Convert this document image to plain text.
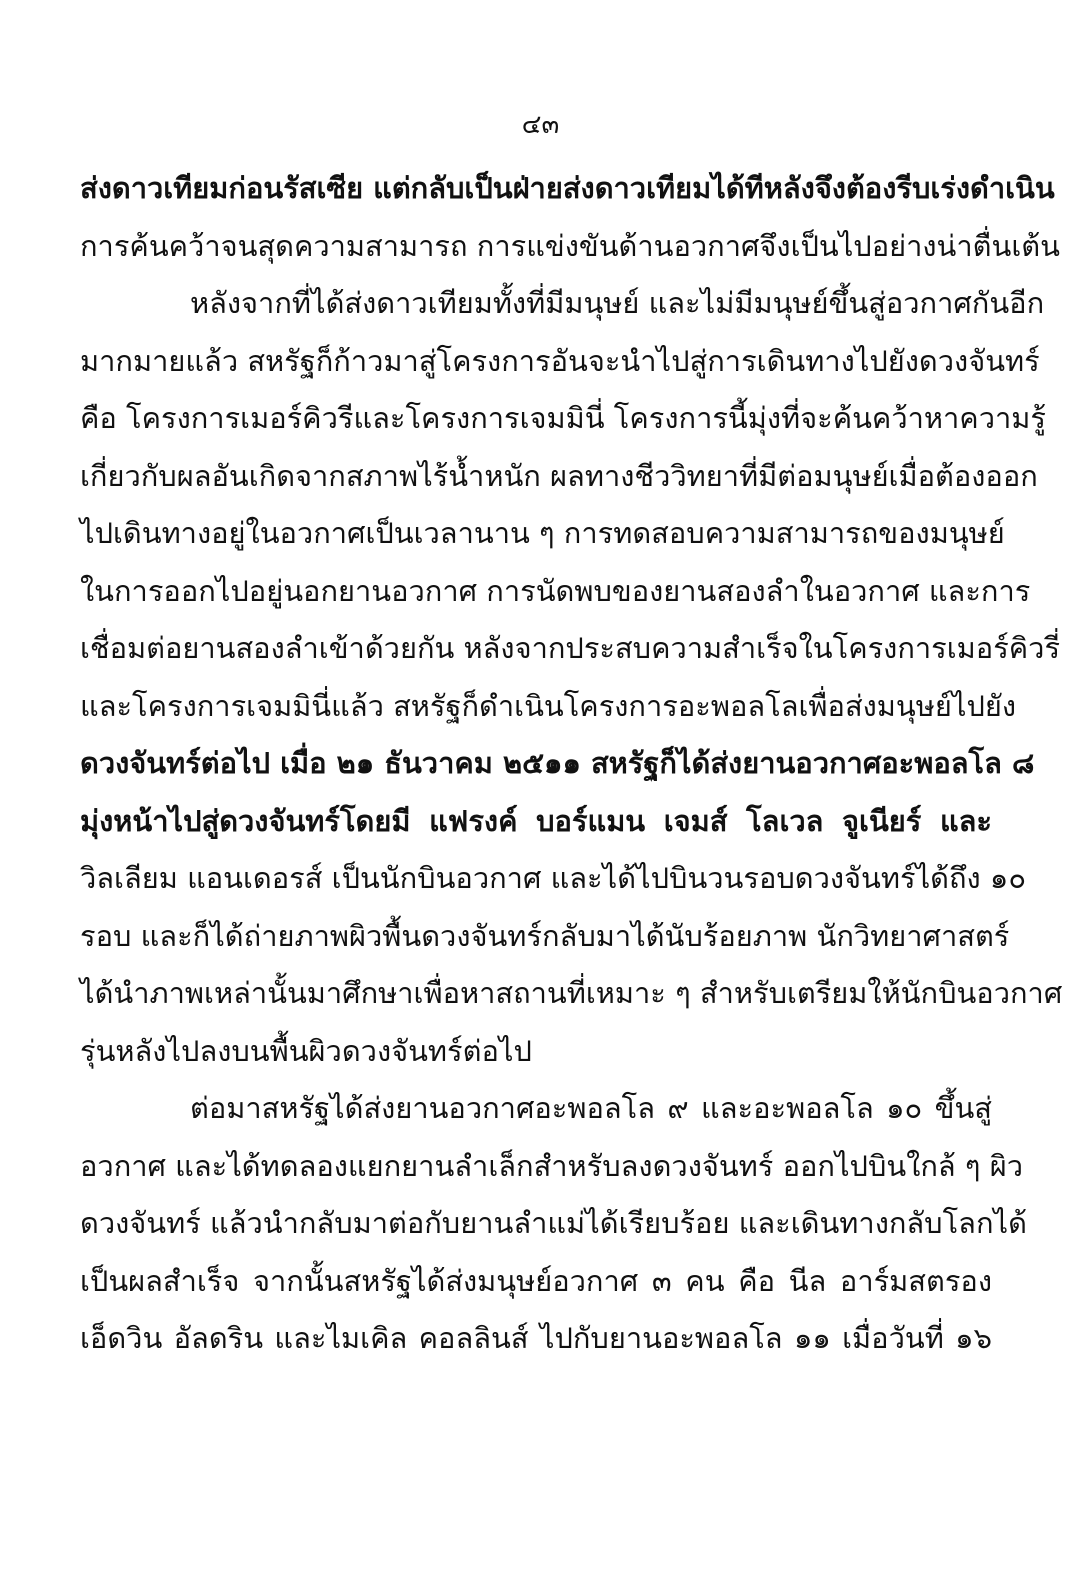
๔๓
ส่งดาวเทียมก่อนรัสเซีย แต่กลับเป็นฝ่ายส่งดาวเทียมได้ทีหลังจึงต้องรีบเร่งดำเนิน
การค้นคว้าจนสุดความสามารถ การแข่งขันด้านอวกาศจึงเป็นไปอย่างน่าตื่นเต้น
หลังจากที่ได้ส่งดาวเทียมทั้งที่มีมนุษย์ และไม่มีมนุษย์ขึ้นสู่อวกาศกันอีก
มากมายแล้ว สหรัฐก็ก้าวมาสู่โครงการอันจะนำไปสู่การเดินทางไปยังดวงจันทร์
คือ โครงการเมอร์คิวรีและโครงการเจมมินี่ โครงการนี้มุ่งที่จะค้นคว้าหาความรู้
เกี่ยวกับผลอันเกิดจากสภาพไร้น้ำหนัก ผลทางชีววิทยาที่มีต่อมนุษย์เมื่อต้องออก
ไปเดินทางอยู่ในอวกาศเป็นเวลานาน ๆ การทดสอบความสามารถของมนุษย์
ในการออกไปอยู่นอกยานอวกาศ การนัดพบของยานสองลำในอวกาศ และการ
เชื่อมต่อยานสองลำเข้าด้วยกัน หลังจากประสบความสำเร็จในโครงการเมอร์คิวรี่
และโครงการเจมมินี่แล้ว สหรัฐก็ดำเนินโครงการอะพอลโลเพื่อส่งมนุษย์ไปยัง
ดวงจันทร์ต่อไป เมื่อ ๒๑ ธันวาคม ๒๕๑๑ สหรัฐก็ได้ส่งยานอวกาศอะพอลโล ๘
มุ่งหน้าไปสู่ดวงจันทร์โดยมี แฟรงค์ บอร์แมน เจมส์ โลเวล จูเนียร์ และ
วิลเลียม แอนเดอรส์ เป็นนักบินอวกาศ และได้ไปบินวนรอบดวงจันทร์ได้ถึง ๑๐
รอบ และก็ได้ถ่ายภาพผิวพื้นดวงจันทร์กลับมาได้นับร้อยภาพ นักวิทยาศาสตร์
ได้นำภาพเหล่านั้นมาศึกษาเพื่อหาสถานที่เหมาะ ๆ สำหรับเตรียมให้นักบินอวกาศ
รุ่นหลังไปลงบนพื้นผิวดวงจันทร์ต่อไป
ต่อมาสหรัฐได้ส่งยานอวกาศอะพอลโล ๙ และอะพอลโล ๑๐ ขึ้นสู่
อวกาศ และได้ทดลองแยกยานลำเล็กสำหรับลงดวงจันทร์ ออกไปบินใกล้ ๆ ผิว
ดวงจันทร์ แล้วนำกลับมาต่อกับยานลำแม่ได้เรียบร้อย และเดินทางกลับโลกได้
เป็นผลสำเร็จ จากนั้นสหรัฐได้ส่งมนุษย์อวกาศ ๓ คน คือ นีล อาร์มสตรอง
เอ็ดวิน อัลดริน และไมเคิล คอลลินส์ ไปกับยานอะพอลโล ๑๑ เมื่อวันที่ ๑๖
